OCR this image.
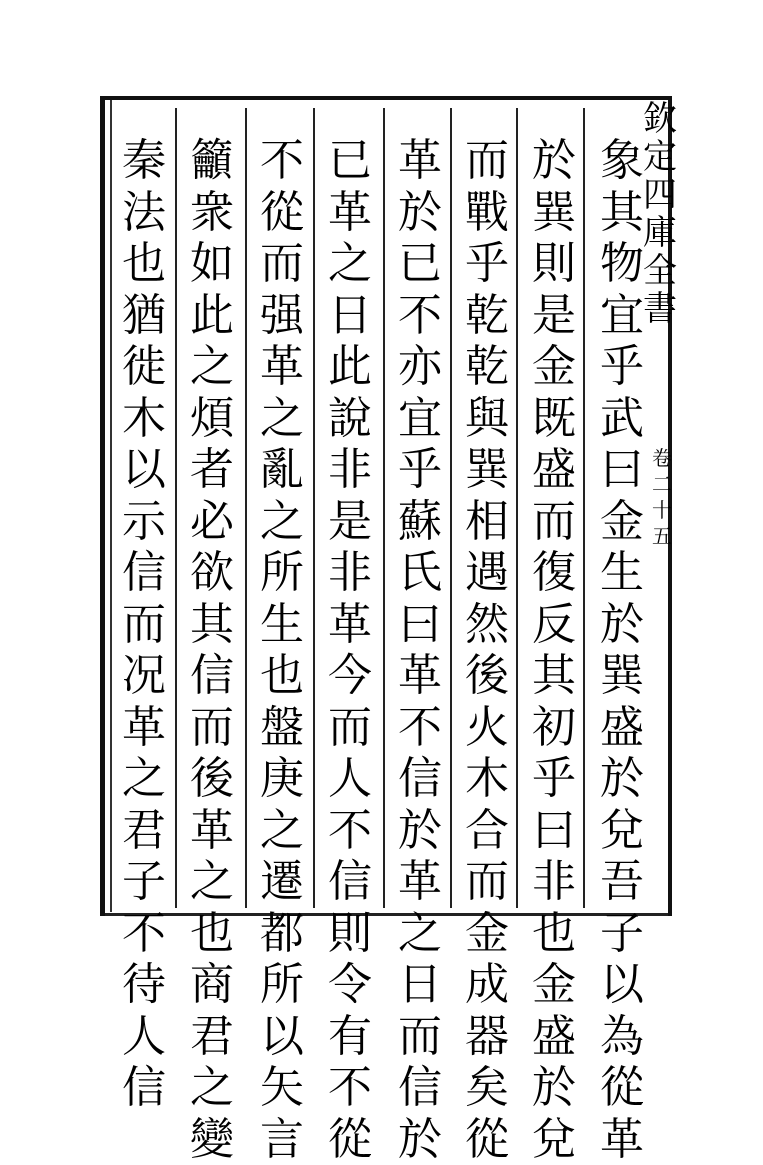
欽
定
四
庫
全
書
卷
二
十
五
象
其
物
宜
乎
武
曰
金
生
於
巽
盛
於
兌
吾
子
以
為
從
革
於
巽
則
是
金
既
盛
而
復
反
其
初
乎
曰
非
也
金
盛
於
兌
而
戰
乎
乾
乾
與
巽
相
遇
然
後
火
木
合
而
金
成
器
矣
從
革
於
已
不
亦
宜
乎
蘇
氏
曰
革
不
信
於
革
之
日
而
信
於
已
革
之
日
此
說
非
是
非
革
今
而
人
不
信
則
令
有
不
從
不
從
而
强
革
之
亂
之
所
生
也
盤
庚
之
遷
都
所
以
矢
言
籲
衆
如
此
之
煩
者
必
欲
其
信
而
後
革
之
也
商
君
之
變
秦
法
也
猶
徙
木
以
示
信
而
况
革
之
君
子
不
待
人
信
